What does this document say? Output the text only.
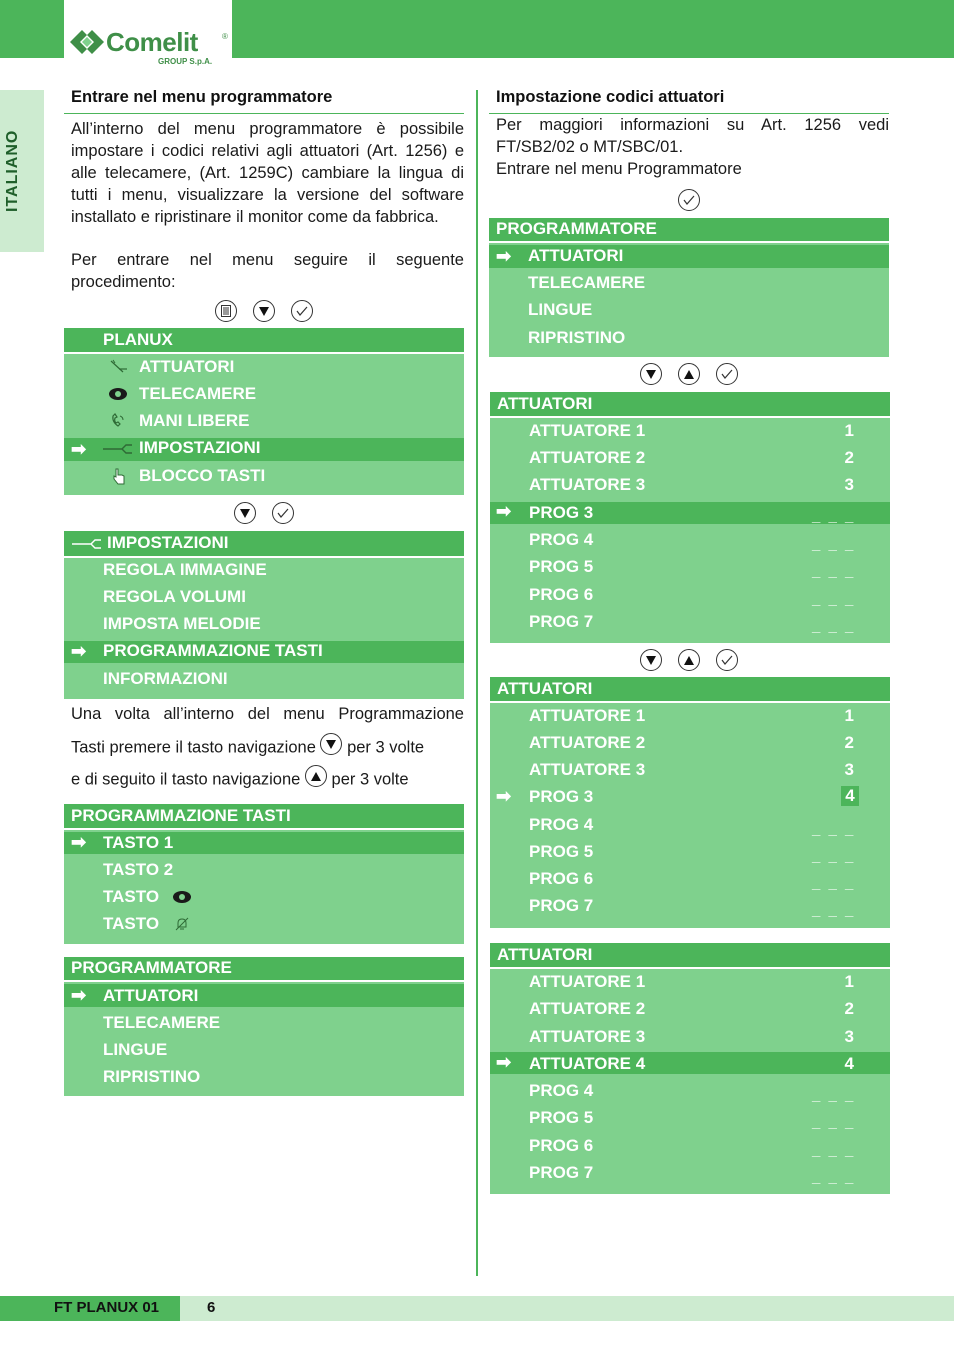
Comelit	®
GROUP S.p.A.
ITALIANO
Entrare nel menu programmatore
All’interno del menu programmatore è possibile impostare i codici relativi agli attuatori (Art. 1256) e alle telecamere, (Art. 1259C) cambiare la lingua di tutti i menu, visualizzare la versione del software installato e ripristinare il monitor come da fabbrica.
Per entrare nel menu seguire il seguente procedimento:
PLANUX
ATTUATORI
TELECAMERE
MANI LIBERE
➡	IMPOSTAZIONI
BLOCCO TASTI
IMPOSTAZIONI
REGOLA IMMAGINE
REGOLA VOLUMI
IMPOSTA MELODIE
➡ PROGRAMMAZIONE TASTI
INFORMAZIONI
Una volta all’interno del menu Programmazione
Tasti premere il tasto navigazione per 3 volte
e di seguito il tasto navigazione per 3 volte
PROGRAMMAZIONE TASTI
➡ TASTO 1
TASTO 2
TASTO
TASTO
PROGRAMMATORE
➡ ATTUATORI
TELECAMERE
LINGUE
RIPRISTINO
Impostazione codici attuatori
Per maggiori informazioni su Art. 1256 vedi FT/SB2/02 o MT/SBC/01.
Entrare nel menu Programmatore
PROGRAMMATORE
➡ ATTUATORI
TELECAMERE
LINGUE
RIPRISTINO
ATTUATORI
➡
ATTUATORE 1	1
ATTUATORE 2	2
ATTUATORE 3	3
PROG 3	_ _ _
PROG 4	_ _ _
PROG 5	_ _ _
PROG 6	_ _ _
PROG 7	_ _ _
ATTUATORI
ATTUATORE 1	1
ATTUATORE 2	2
ATTUATORE 3	3
➡ PROG 3	4
PROG 4	_ _ _
PROG 5	_ _ _
PROG 6	_ _ _
PROG 7	_ _ _
ATTUATORI
ATTUATORE 1	1
ATTUATORE 2	2
ATTUATORE 3	3
➡ ATTUATORE 4	4
PROG 4	_ _ _
PROG 5	_ _ _
PROG 6	_ _ _
PROG 7	_ _ _
FT PLANUX 01	6
